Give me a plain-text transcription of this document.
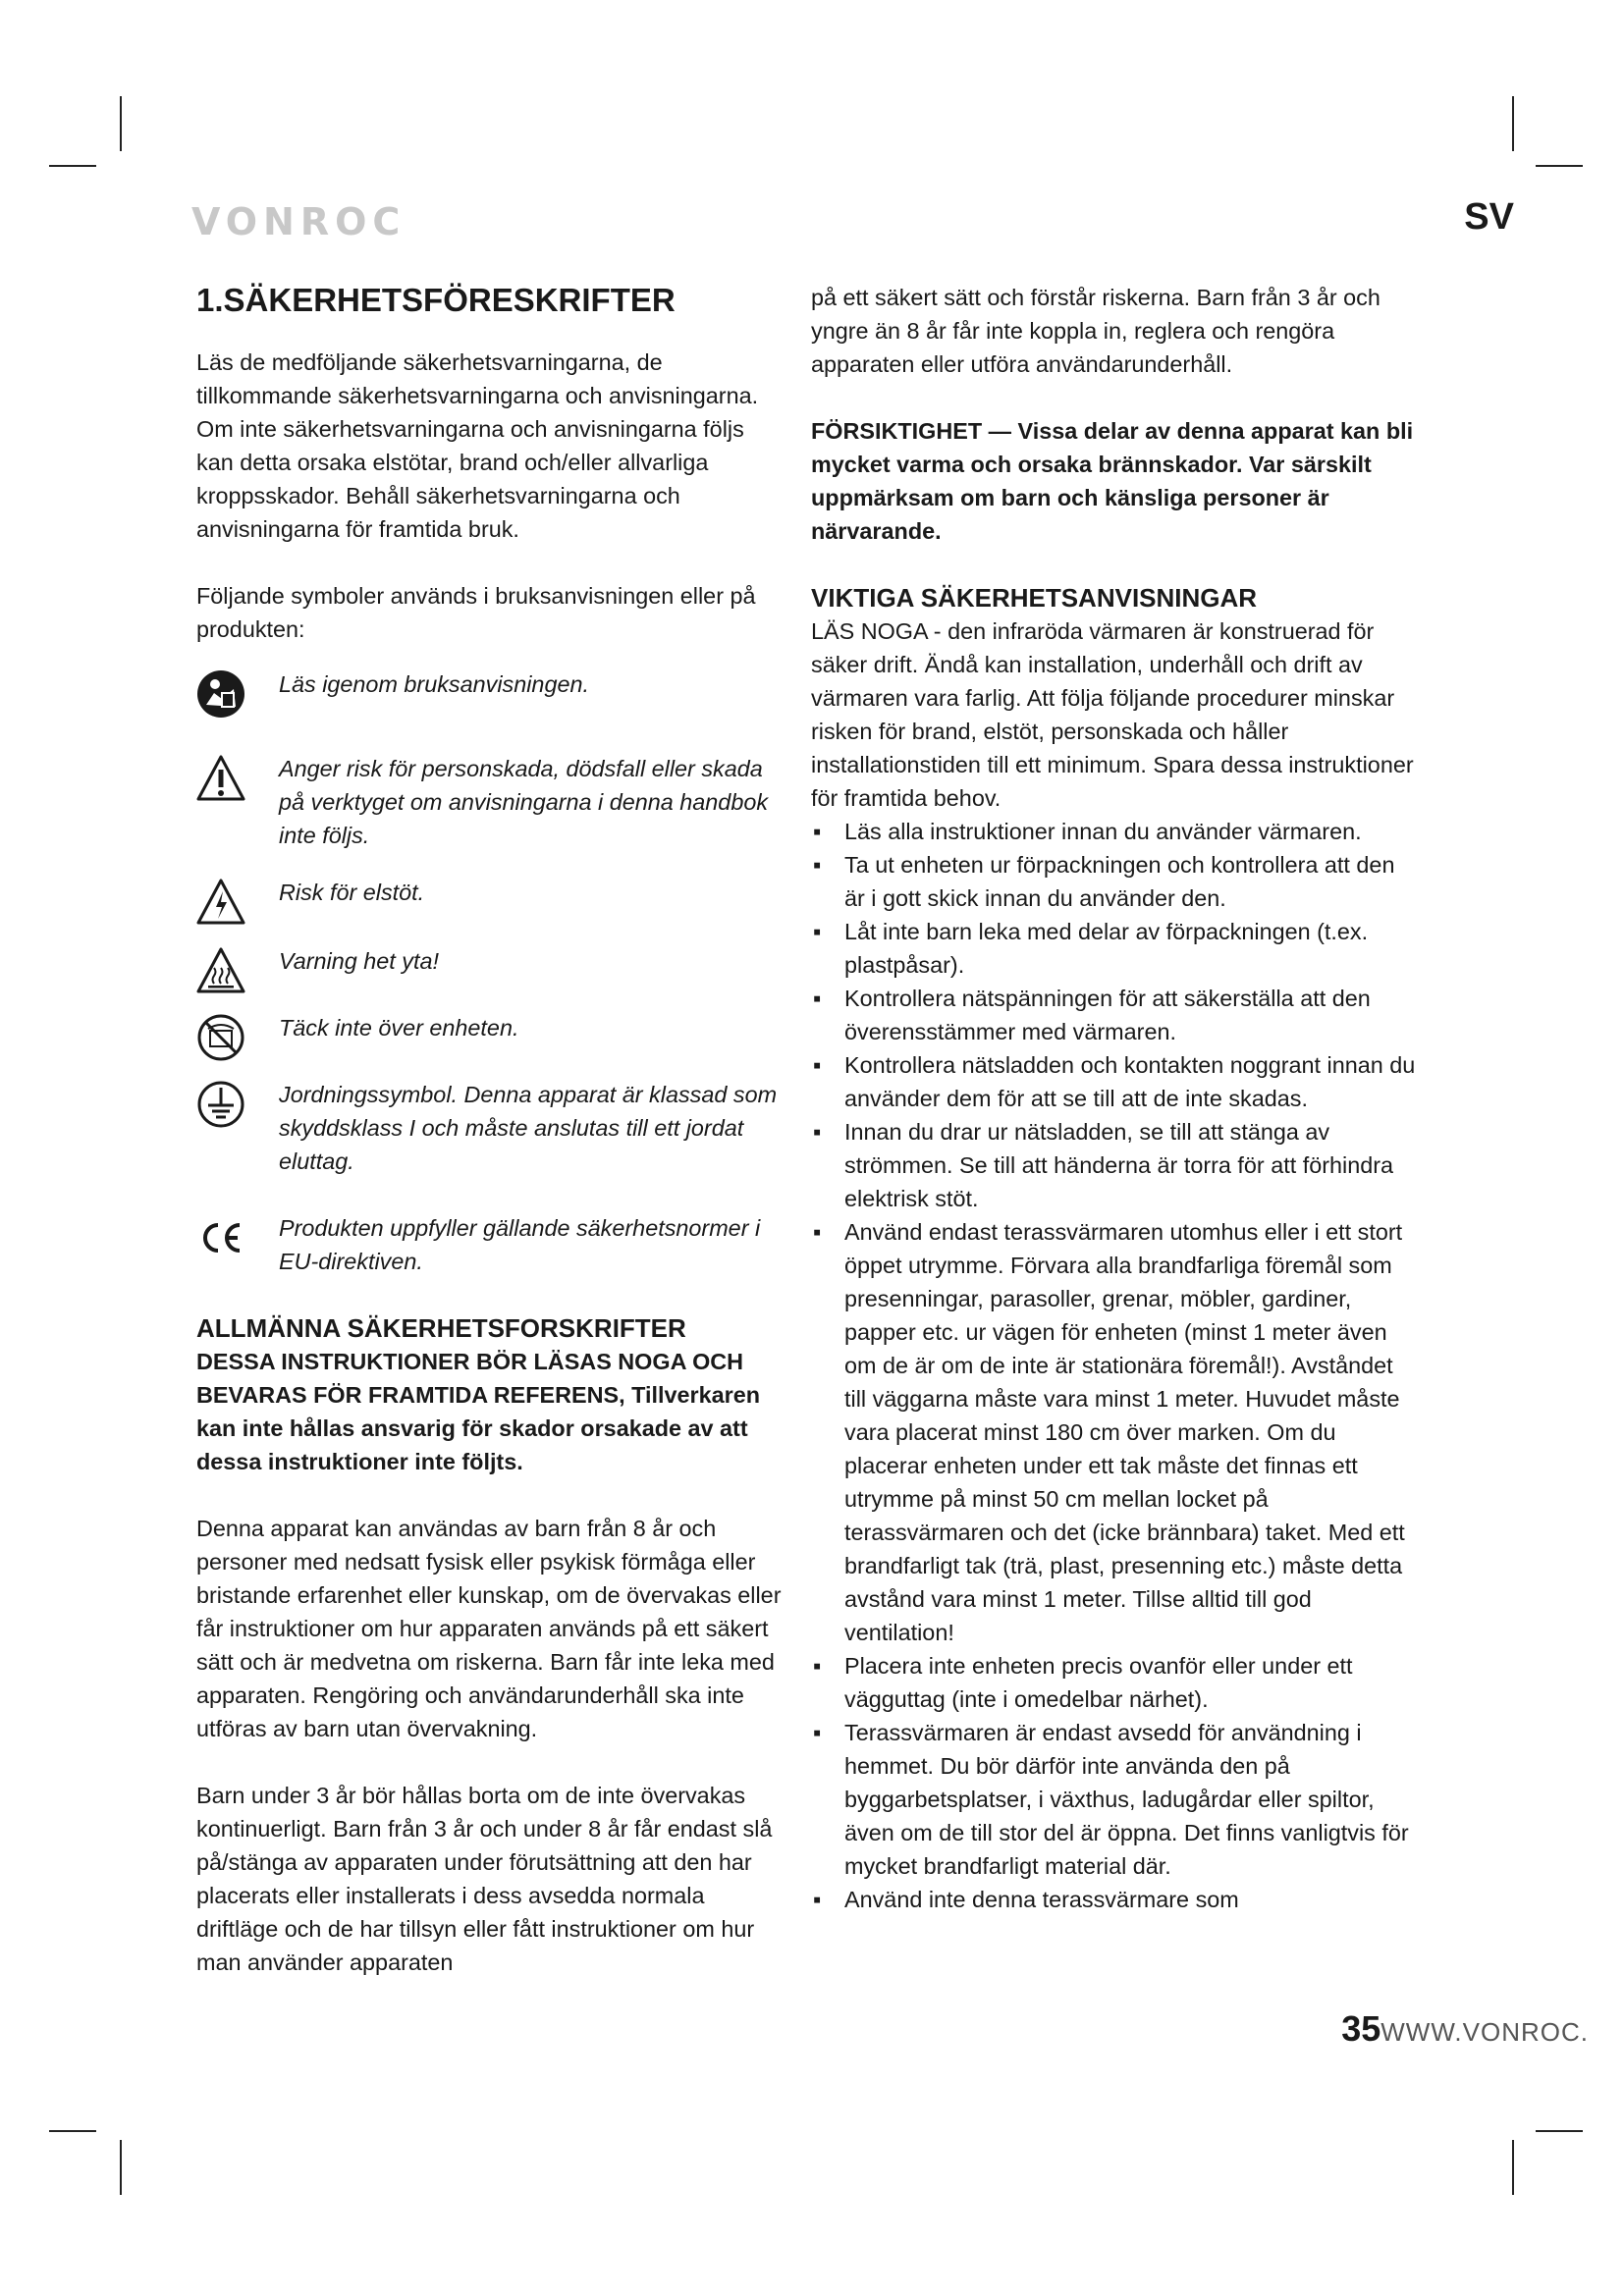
VONROC	SV
1.SÄKERHETSFÖRESKRIFTER

Läs de medföljande säkerhetsvarningarna, de tillkommande säkerhetsvarningarna och anvisningarna. Om inte säkerhetsvarningarna och anvisningarna följs kan detta orsaka elstötar, brand och/eller allvarliga kroppsskador. Behåll säkerhetsvarningarna och anvisningarna för framtida bruk.

Följande symboler används i bruksanvisningen eller på produkten:

Läs igenom bruksanvisningen.
Anger risk för personskada, dödsfall eller skada på verktyget om anvisningarna i denna handbok inte följs.
Risk för elstöt.
Varning het yta!
Täck inte över enheten.
Jordningssymbol. Denna apparat är klassad som skyddsklass I och måste anslutas till ett jordat eluttag.
Produkten uppfyller gällande säkerhetsnormer i EU-direktiven.
ALLMÄNNA SÄKERHETSFORSKRIFTER

DESSA INSTRUKTIONER BÖR LÄSAS NOGA OCH BEVARAS FÖR FRAMTIDA REFERENS, Tillverkaren kan inte hållas ansvarig för skador orsakade av att dessa instruktioner inte följts.

Denna apparat kan användas av barn från 8 år och personer med nedsatt fysisk eller psykisk förmåga eller bristande erfarenhet eller kunskap, om de övervakas eller får instruktioner om hur apparaten används på ett säkert sätt och är medvetna om riskerna. Barn får inte leka med apparaten. Rengöring och användarunderhåll ska inte utföras av barn utan övervakning.

Barn under 3 år bör hållas borta om de inte övervakas kontinuerligt. Barn från 3 år och under 8 år får endast slå på/stänga av apparaten under förutsättning att den har placerats eller installerats i dess avsedda normala driftläge och de har tillsyn eller fått instruktioner om hur man använder apparaten

på ett säkert sätt och förstår riskerna. Barn från 3 år och yngre än 8 år får inte koppla in, reglera och rengöra apparaten eller utföra användarunderhåll.

FÖRSIKTIGHET — Vissa delar av denna apparat kan bli mycket varma och orsaka brännskador. Var särskilt uppmärksam om barn och känsliga personer är närvarande.

VIKTIGA SÄKERHETSANVISNINGAR

LÄS NOGA - den infraröda värmaren är konstruerad för säker drift. Ändå kan installation, underhåll och drift av värmaren vara farlig. Att följa följande procedurer minskar risken för brand, elstöt, personskada och håller installationstiden till ett minimum. Spara dessa instruktioner för framtida behov.

▪ Läs alla instruktioner innan du använder värmaren.
▪ Ta ut enheten ur förpackningen och kontrollera att den är i gott skick innan du använder den.
▪ Låt inte barn leka med delar av förpackningen (t.ex. plastpåsar).
▪ Kontrollera nätspänningen för att säkerställa att den överensstämmer med värmaren.
▪ Kontrollera nätsladden och kontakten noggrant innan du använder dem för att se till att de inte skadas.
▪ Innan du drar ur nätsladden, se till att stänga av strömmen. Se till att händerna är torra för att förhindra elektrisk stöt.
▪ Använd endast terassvärmaren utomhus eller i ett stort öppet utrymme. Förvara alla brandfarliga föremål som presenningar, parasoller, grenar, möbler, gardiner, papper etc. ur vägen för enheten (minst 1 meter även om de är om de inte är stationära föremål!). Avståndet till väggarna måste vara minst 1 meter. Huvudet måste vara placerat minst 180 cm över marken. Om du placerar enheten under ett tak måste det finnas ett utrymme på minst 50 cm mellan locket på terassvärmaren och det (icke brännbara) taket. Med ett brandfarligt tak (trä, plast, presenning etc.) måste detta avstånd vara minst 1 meter. Tillse alltid till god ventilation!
▪ Placera inte enheten precis ovanför eller under ett vägguttag (inte i omedelbar närhet).
▪ Terassvärmaren är endast avsedd för användning i hemmet. Du bör därför inte använda den på byggarbetsplatser, i växthus, ladugårdar eller spiltor, även om de till stor del är öppna. Det finns vanligtvis för mycket brandfarligt material där.
▪ Använd inte denna terassvärmare som
35WWW.VONROC.
